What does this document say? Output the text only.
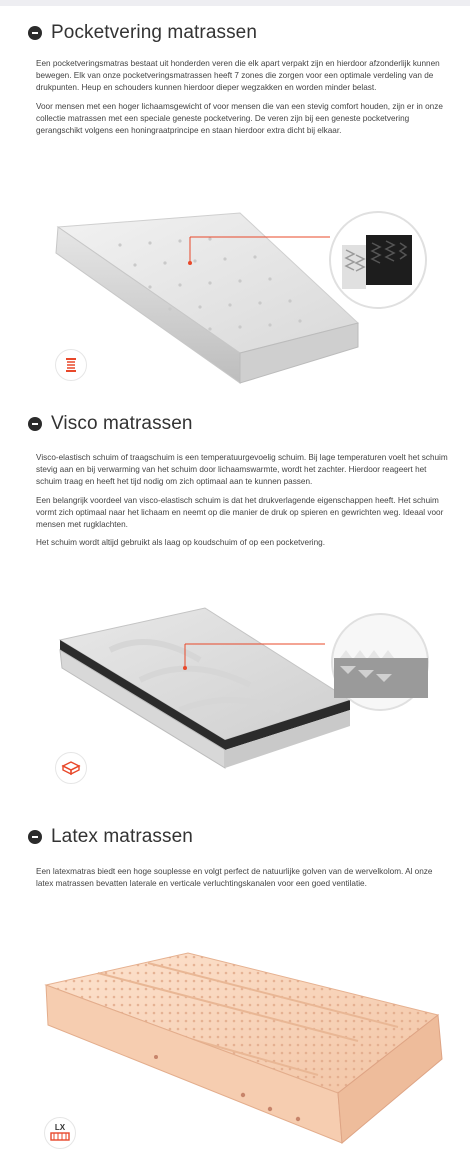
Pocketvering matrassen

Een pocketveringsmatras bestaat uit honderden veren die elk apart verpakt zijn en hierdoor afzonderlijk kunnen bewegen. Elk van onze pocketveringsmatrassen heeft 7 zones die zorgen voor een optimale verdeling van de drukpunten. Heup en schouders kunnen hierdoor dieper wegzakken en worden minder belast.

Voor mensen met een hoger lichaamsgewicht of voor mensen die van een stevig comfort houden, zijn er in onze collectie matrassen met een speciale geneste pocketvering. De veren zijn bij een geneste pocketvering gerangschikt volgens een honingraatprincipe en staan hierdoor extra dicht bij elkaar.

Visco matrassen

Visco-elastisch schuim of traagschuim is een temperatuurgevoelig schuim. Bij lage temperaturen voelt het schuim stevig aan en bij verwarming van het schuim door lichaamswarmte, wordt het zachter. Hierdoor reageert het schuim traag en heeft het tijd nodig om zich optimaal aan te kunnen passen.

Een belangrijk voordeel van visco-elastisch schuim is dat het drukverlagende eigenschappen heeft. Het schuim vormt zich optimaal naar het lichaam en neemt op die manier de druk op spieren en gewrichten weg. Ideaal voor mensen met rugklachten.

Het schuim wordt altijd gebruikt als laag op koudschuim of op een pocketvering.

Latex matrassen

Een latexmatras biedt een hoge souplesse en volgt perfect de natuurlijke golven van de wervelkolom. Al onze latex matrassen bevatten laterale en verticale verluchtingskanalen voor een goed ventilatie.

LX
